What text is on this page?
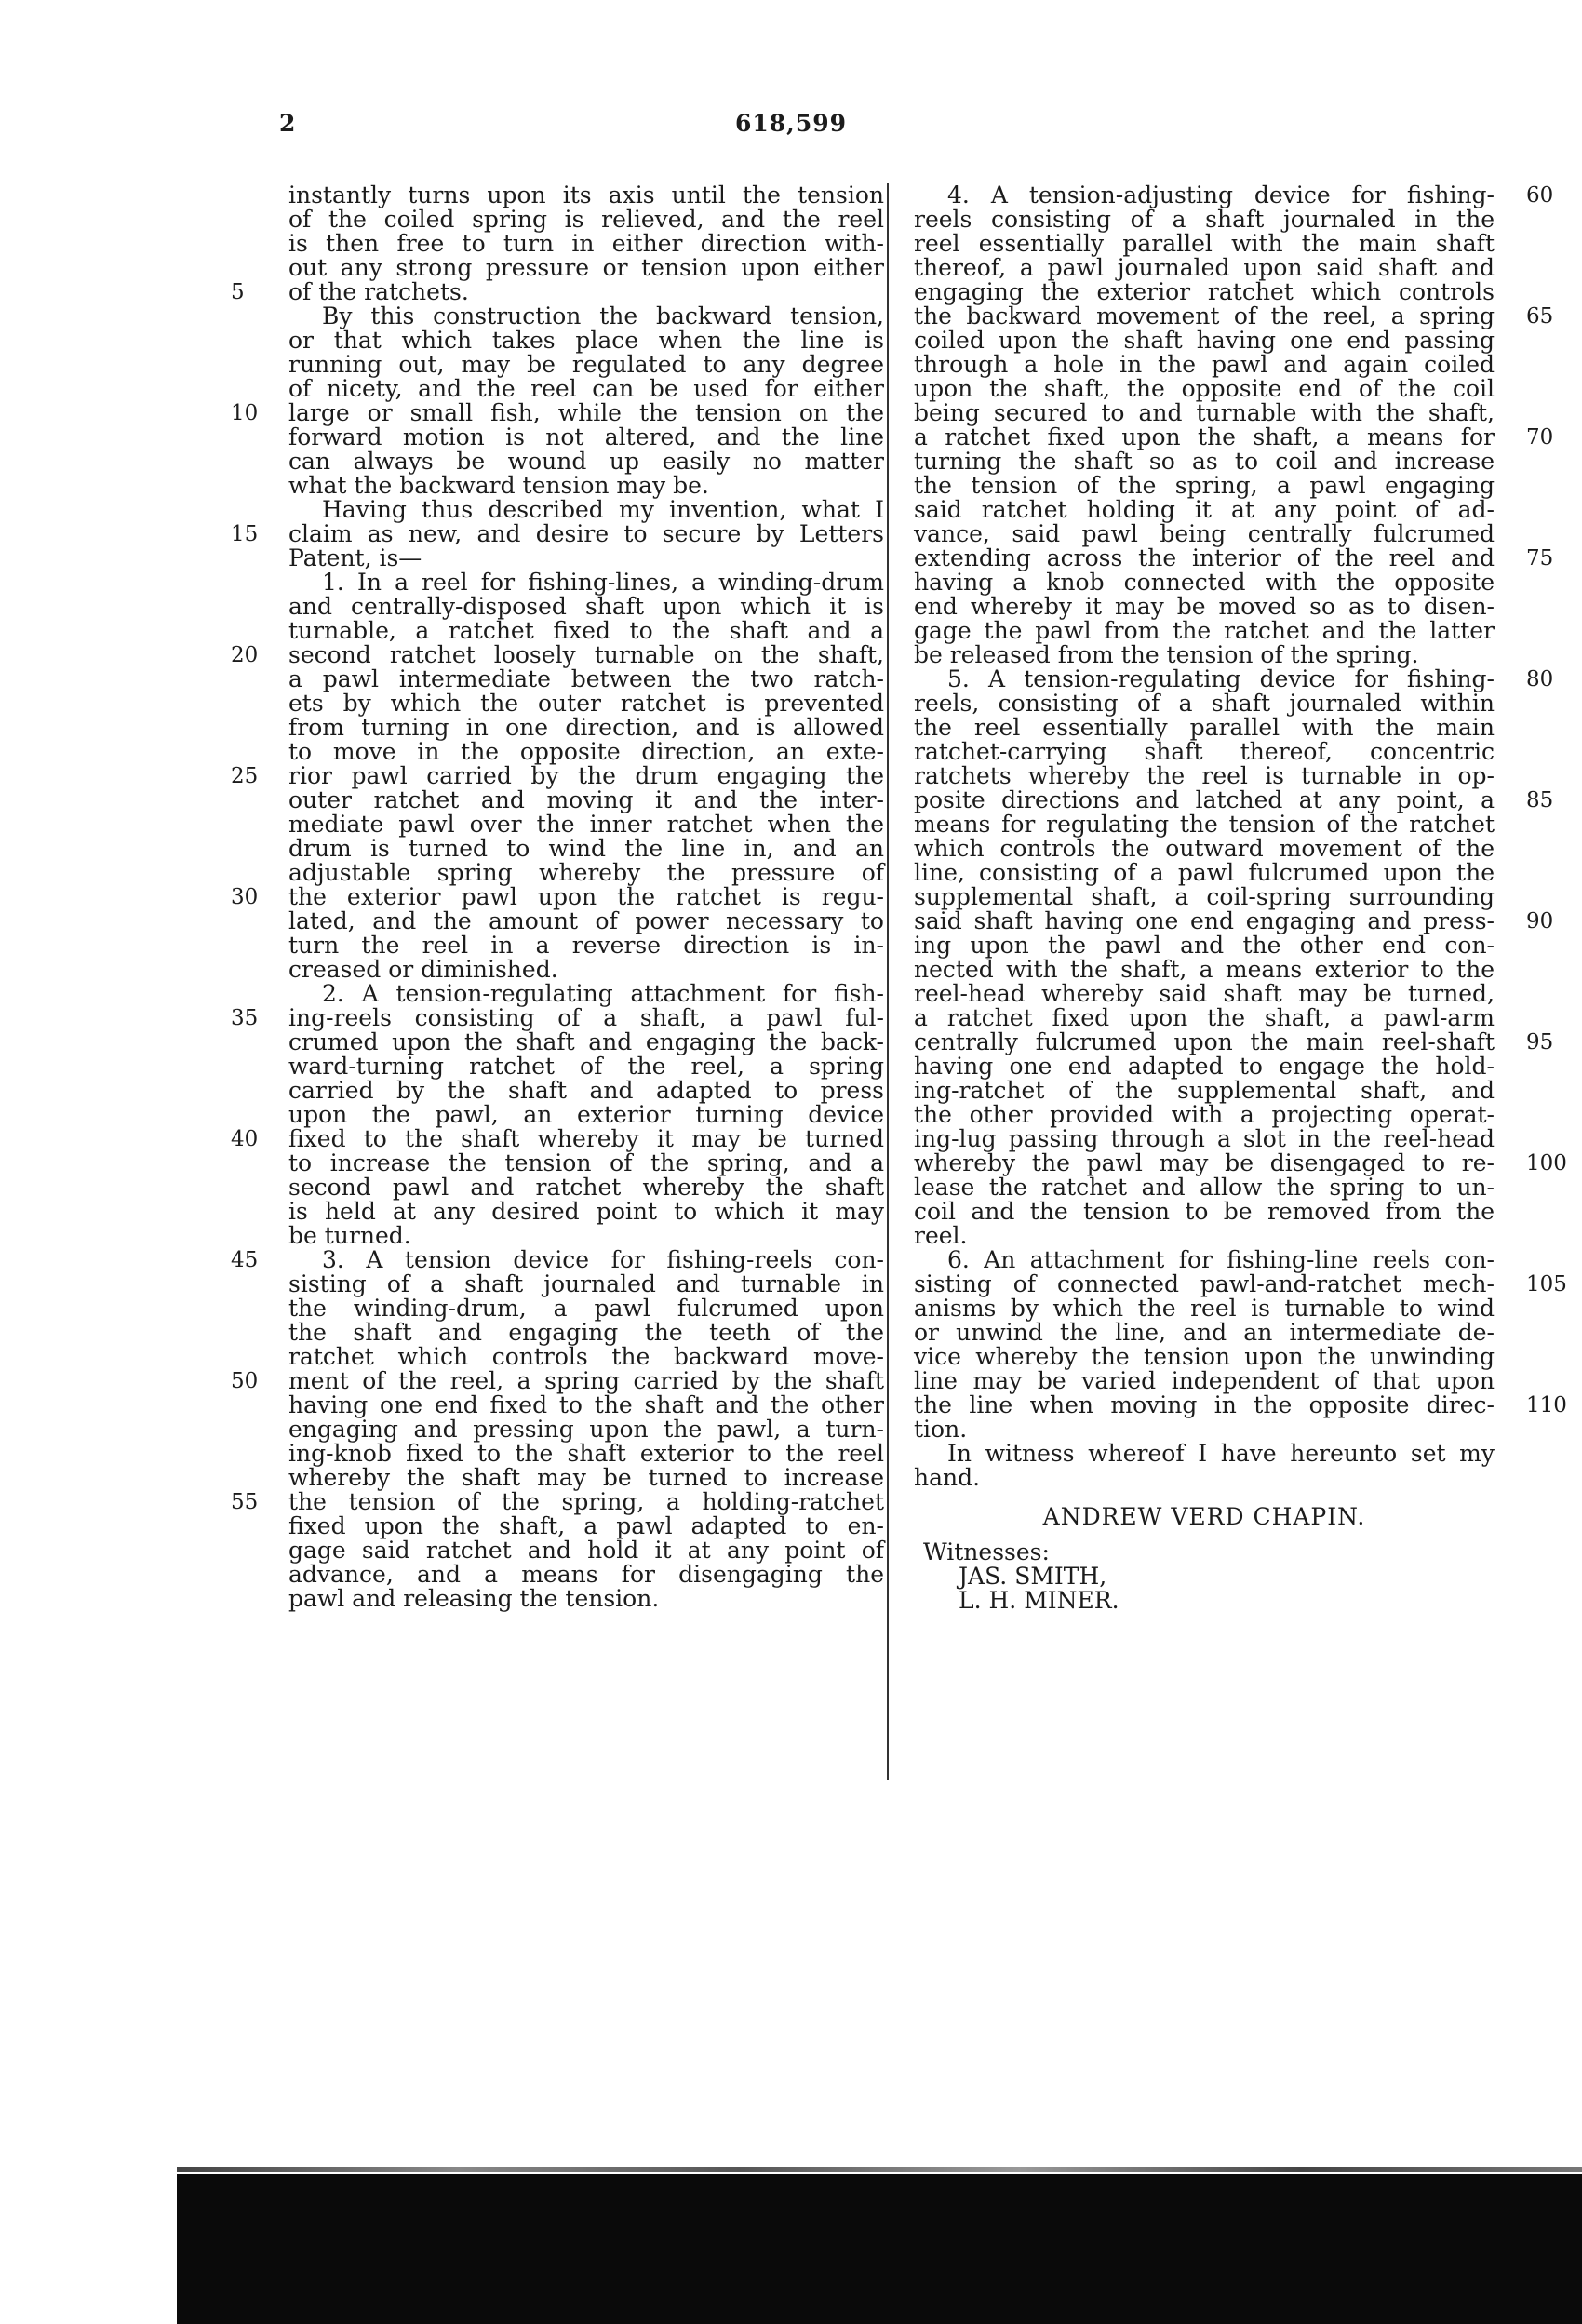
2	618,599
instantly turns upon its axis until the tension
of the coiled spring is relieved, and the reel
is then free to turn in either direction with-
out any strong pressure or tension upon either
of the ratchets.
By this construction the backward tension,
or that which takes place when the line is
running out, may be regulated to any degree
of nicety, and the reel can be used for either
large or small fish, while the tension on the
forward motion is not altered, and the line
can always be wound up easily no matter
what the backward tension may be.
Having thus described my invention, what I
claim as new, and desire to secure by Letters
Patent, is—
1. In a reel for fishing-lines, a winding-drum
and centrally-disposed shaft upon which it is
turnable, a ratchet fixed to the shaft and a
second ratchet loosely turnable on the shaft,
a pawl intermediate between the two ratch-
ets by which the outer ratchet is prevented
from turning in one direction, and is allowed
to move in the opposite direction, an exte-
rior pawl carried by the drum engaging the
outer ratchet and moving it and the inter-
mediate pawl over the inner ratchet when the
drum is turned to wind the line in, and an
adjustable spring whereby the pressure of
the exterior pawl upon the ratchet is regu-
lated, and the amount of power necessary to
turn the reel in a reverse direction is in-
creased or diminished.
2. A tension-regulating attachment for fish-
ing-reels consisting of a shaft, a pawl ful-
crumed upon the shaft and engaging the back-
ward-turning ratchet of the reel, a spring
carried by the shaft and adapted to press
upon the pawl, an exterior turning device
fixed to the shaft whereby it may be turned
to increase the tension of the spring, and a
second pawl and ratchet whereby the shaft
is held at any desired point to which it may
be turned.
3. A tension device for fishing-reels con-
sisting of a shaft journaled and turnable in
the winding-drum, a pawl fulcrumed upon
the shaft and engaging the teeth of the
ratchet which controls the backward move-
ment of the reel, a spring carried by the shaft
having one end fixed to the shaft and the other
engaging and pressing upon the pawl, a turn-
ing-knob fixed to the shaft exterior to the reel
whereby the shaft may be turned to increase
the tension of the spring, a holding-ratchet
fixed upon the shaft, a pawl adapted to en-
gage said ratchet and hold it at any point of
advance, and a means for disengaging the
pawl and releasing the tension.
5
10
15
20
25
30
35
40
45
50
55
4. A tension-adjusting device for fishing-
reels consisting of a shaft journaled in the
reel essentially parallel with the main shaft
thereof, a pawl journaled upon said shaft and
engaging the exterior ratchet which controls
the backward movement of the reel, a spring
coiled upon the shaft having one end passing
through a hole in the pawl and again coiled
upon the shaft, the opposite end of the coil
being secured to and turnable with the shaft,
a ratchet fixed upon the shaft, a means for
turning the shaft so as to coil and increase
the tension of the spring, a pawl engaging
said ratchet holding it at any point of ad-
vance, said pawl being centrally fulcrumed
extending across the interior of the reel and
having a knob connected with the opposite
end whereby it may be moved so as to disen-
gage the pawl from the ratchet and the latter
be released from the tension of the spring.
5. A tension-regulating device for fishing-
reels, consisting of a shaft journaled within
the reel essentially parallel with the main
ratchet-carrying shaft thereof, concentric
ratchets whereby the reel is turnable in op-
posite directions and latched at any point, a
means for regulating the tension of the ratchet
which controls the outward movement of the
line, consisting of a pawl fulcrumed upon the
supplemental shaft, a coil-spring surrounding
said shaft having one end engaging and press-
ing upon the pawl and the other end con-
nected with the shaft, a means exterior to the
reel-head whereby said shaft may be turned,
a ratchet fixed upon the shaft, a pawl-arm
centrally fulcrumed upon the main reel-shaft
having one end adapted to engage the hold-
ing-ratchet of the supplemental shaft, and
the other provided with a projecting operat-
ing-lug passing through a slot in the reel-head
whereby the pawl may be disengaged to re-
lease the ratchet and allow the spring to un-
coil and the tension to be removed from the
reel.
6. An attachment for fishing-line reels con-
sisting of connected pawl-and-ratchet mech-
anisms by which the reel is turnable to wind
or unwind the line, and an intermediate de-
vice whereby the tension upon the unwinding
line may be varied independent of that upon
the line when moving in the opposite direc-
tion.
In witness whereof I have hereunto set my
hand.
60
65
70
75
80
85
90
95
100
105
110
ANDREW VERD CHAPIN.
Witnesses:
JAS. SMITH,
L. H. MINER.
